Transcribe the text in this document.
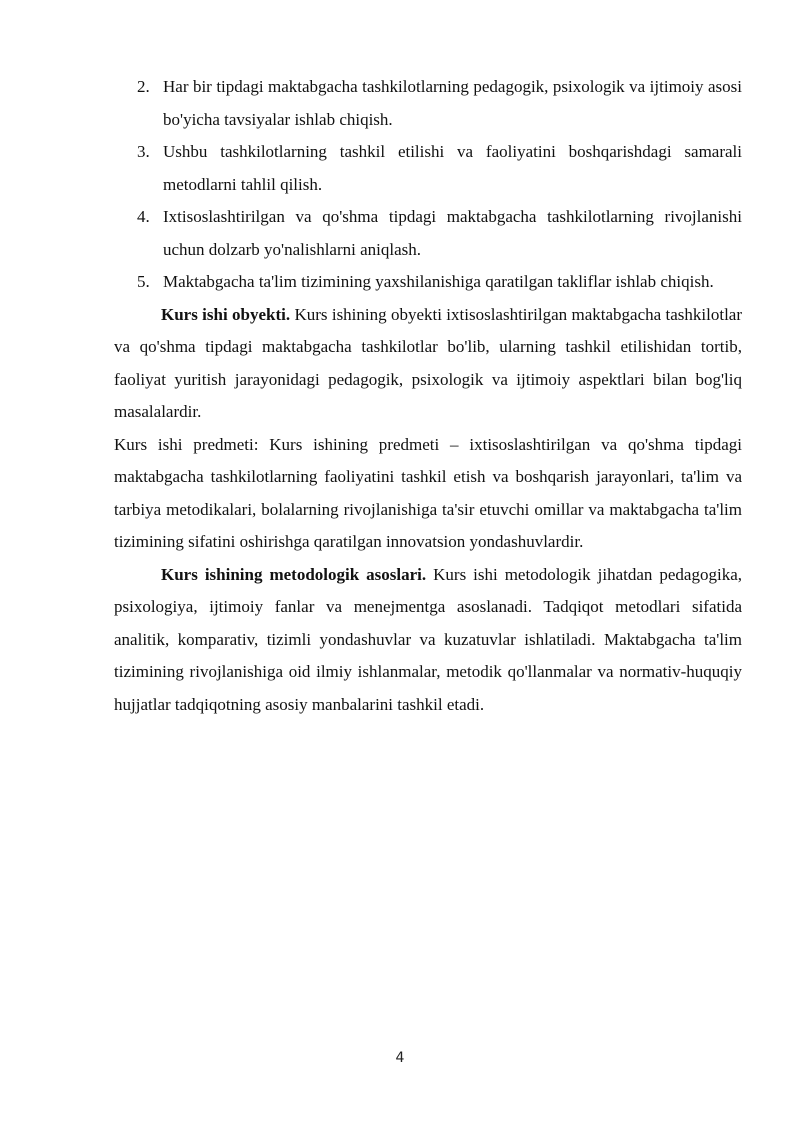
2. Har bir tipdagi maktabgacha tashkilotlarning pedagogik, psixologik va ijtimoiy asosi bo'yicha tavsiyalar ishlab chiqish.
3. Ushbu tashkilotlarning tashkil etilishi va faoliyatini boshqarishdagi samarali metodlarni tahlil qilish.
4. Ixtisoslashtirilgan va qo'shma tipdagi maktabgacha tashkilotlarning rivojlanishi uchun dolzarb yo'nalishlarni aniqlash.
5. Maktabgacha ta'lim tizimining yaxshilanishiga qaratilgan takliflar ishlab chiqish.

Kurs ishi obyekti. Kurs ishining obyekti ixtisoslashtirilgan maktabgacha tashkilotlar va qo'shma tipdagi maktabgacha tashkilotlar bo'lib, ularning tashkil etilishidan tortib, faoliyat yuritish jarayonidagi pedagogik, psixologik va ijtimoiy aspektlari bilan bog'liq masalalardir.

Kurs ishi predmeti: Kurs ishining predmeti – ixtisoslashtirilgan va qo'shma tipdagi maktabgacha tashkilotlarning faoliyatini tashkil etish va boshqarish jarayonlari, ta'lim va tarbiya metodikalari, bolalarning rivojlanishiga ta'sir etuvchi omillar va maktabgacha ta'lim tizimining sifatini oshirishga qaratilgan innovatsion yondashuvlardir.

Kurs ishining metodologik asoslari. Kurs ishi metodologik jihatdan pedagogika, psixologiya, ijtimoiy fanlar va menejmentga asoslanadi. Tadqiqot metodlari sifatida analitik, komparativ, tizimli yondashuvlar va kuzatuvlar ishlatiladi. Maktabgacha ta'lim tizimining rivojlanishiga oid ilmiy ishlanmalar, metodik qo'llanmalar va normativ-huquqiy hujjatlar tadqiqotning asosiy manbalarini tashkil etadi.

4
